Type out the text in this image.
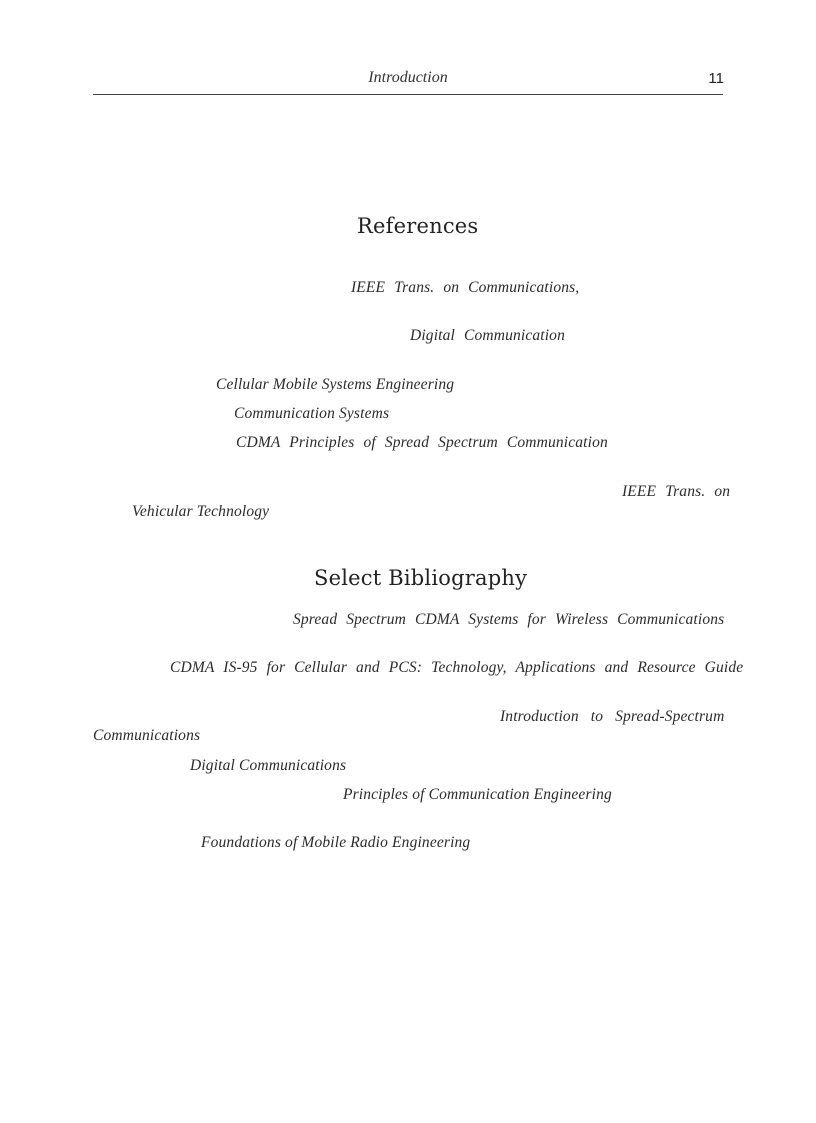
Introduction	11
References
IEEE Trans. on Communications,
Digital Communication
Cellular Mobile Systems Engineering
Communication Systems
CDMA Principles of Spread Spectrum Communication
IEEE Trans. on
Vehicular Technology
Select Bibliography
Spread Spectrum CDMA Systems for Wireless Communications
CDMA IS-95 for Cellular and PCS: Technology, Applications and Resource Guide
Introduction to Spread-Spectrum
Communications
Digital Communications
Principles of Communication Engineering
Foundations of Mobile Radio Engineering
